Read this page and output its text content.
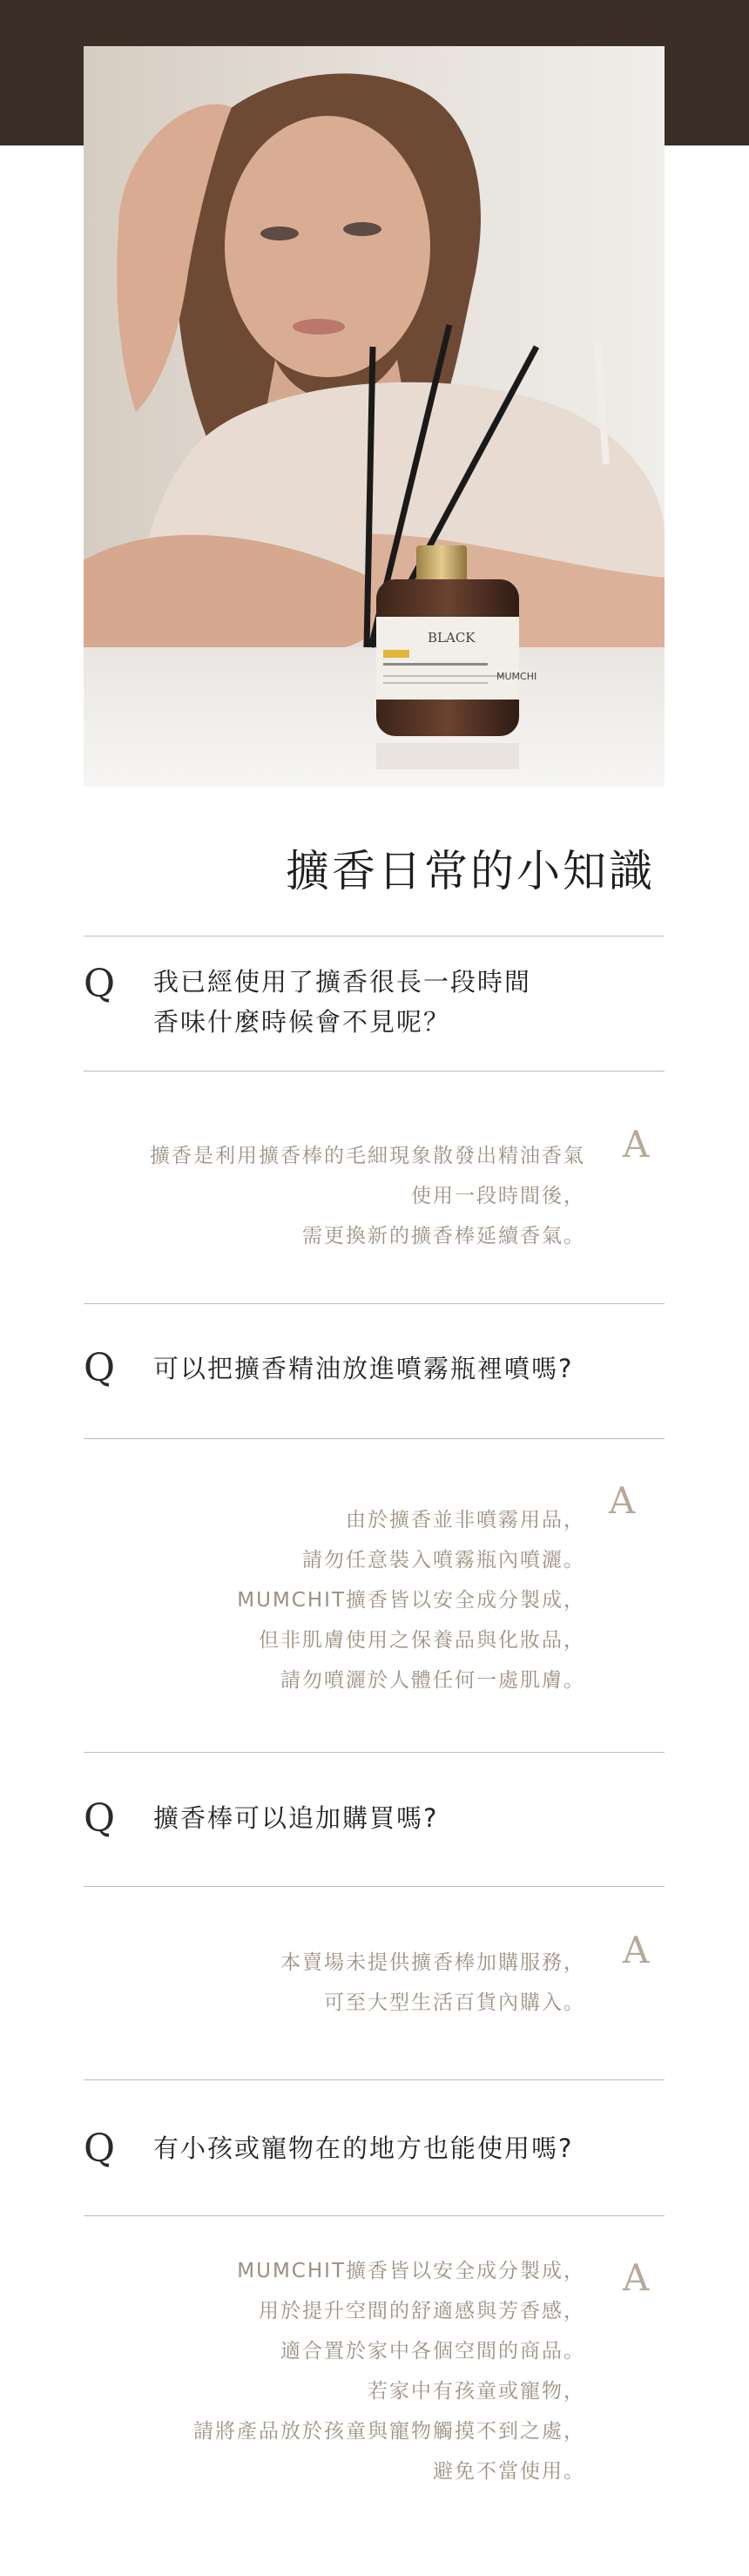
BLACK
MUMCHI
擴香日常的小知識
Q	我已經使用了擴香很長一段時間
香味什麼時候會不見呢？
A
擴香是利用擴香棒的毛細現象散發出精油香氣
使用一段時間後，
需更換新的擴香棒延續香氣。
Q	可以把擴香精油放進噴霧瓶裡噴嗎?
A
由於擴香並非噴霧用品，
請勿任意裝入噴霧瓶內噴灑。
MUMCHIT擴香皆以安全成分製成，
但非肌膚使用之保養品與化妝品，
請勿噴灑於人體任何一處肌膚。
Q	擴香棒可以追加購買嗎?
A
本賣場未提供擴香棒加購服務，
可至大型生活百貨內購入。
Q	有小孩或寵物在的地方也能使用嗎?
A
MUMCHIT擴香皆以安全成分製成，
用於提升空間的舒適感與芳香感，
適合置於家中各個空間的商品。
若家中有孩童或寵物，
請將產品放於孩童與寵物觸摸不到之處，
避免不當使用。
